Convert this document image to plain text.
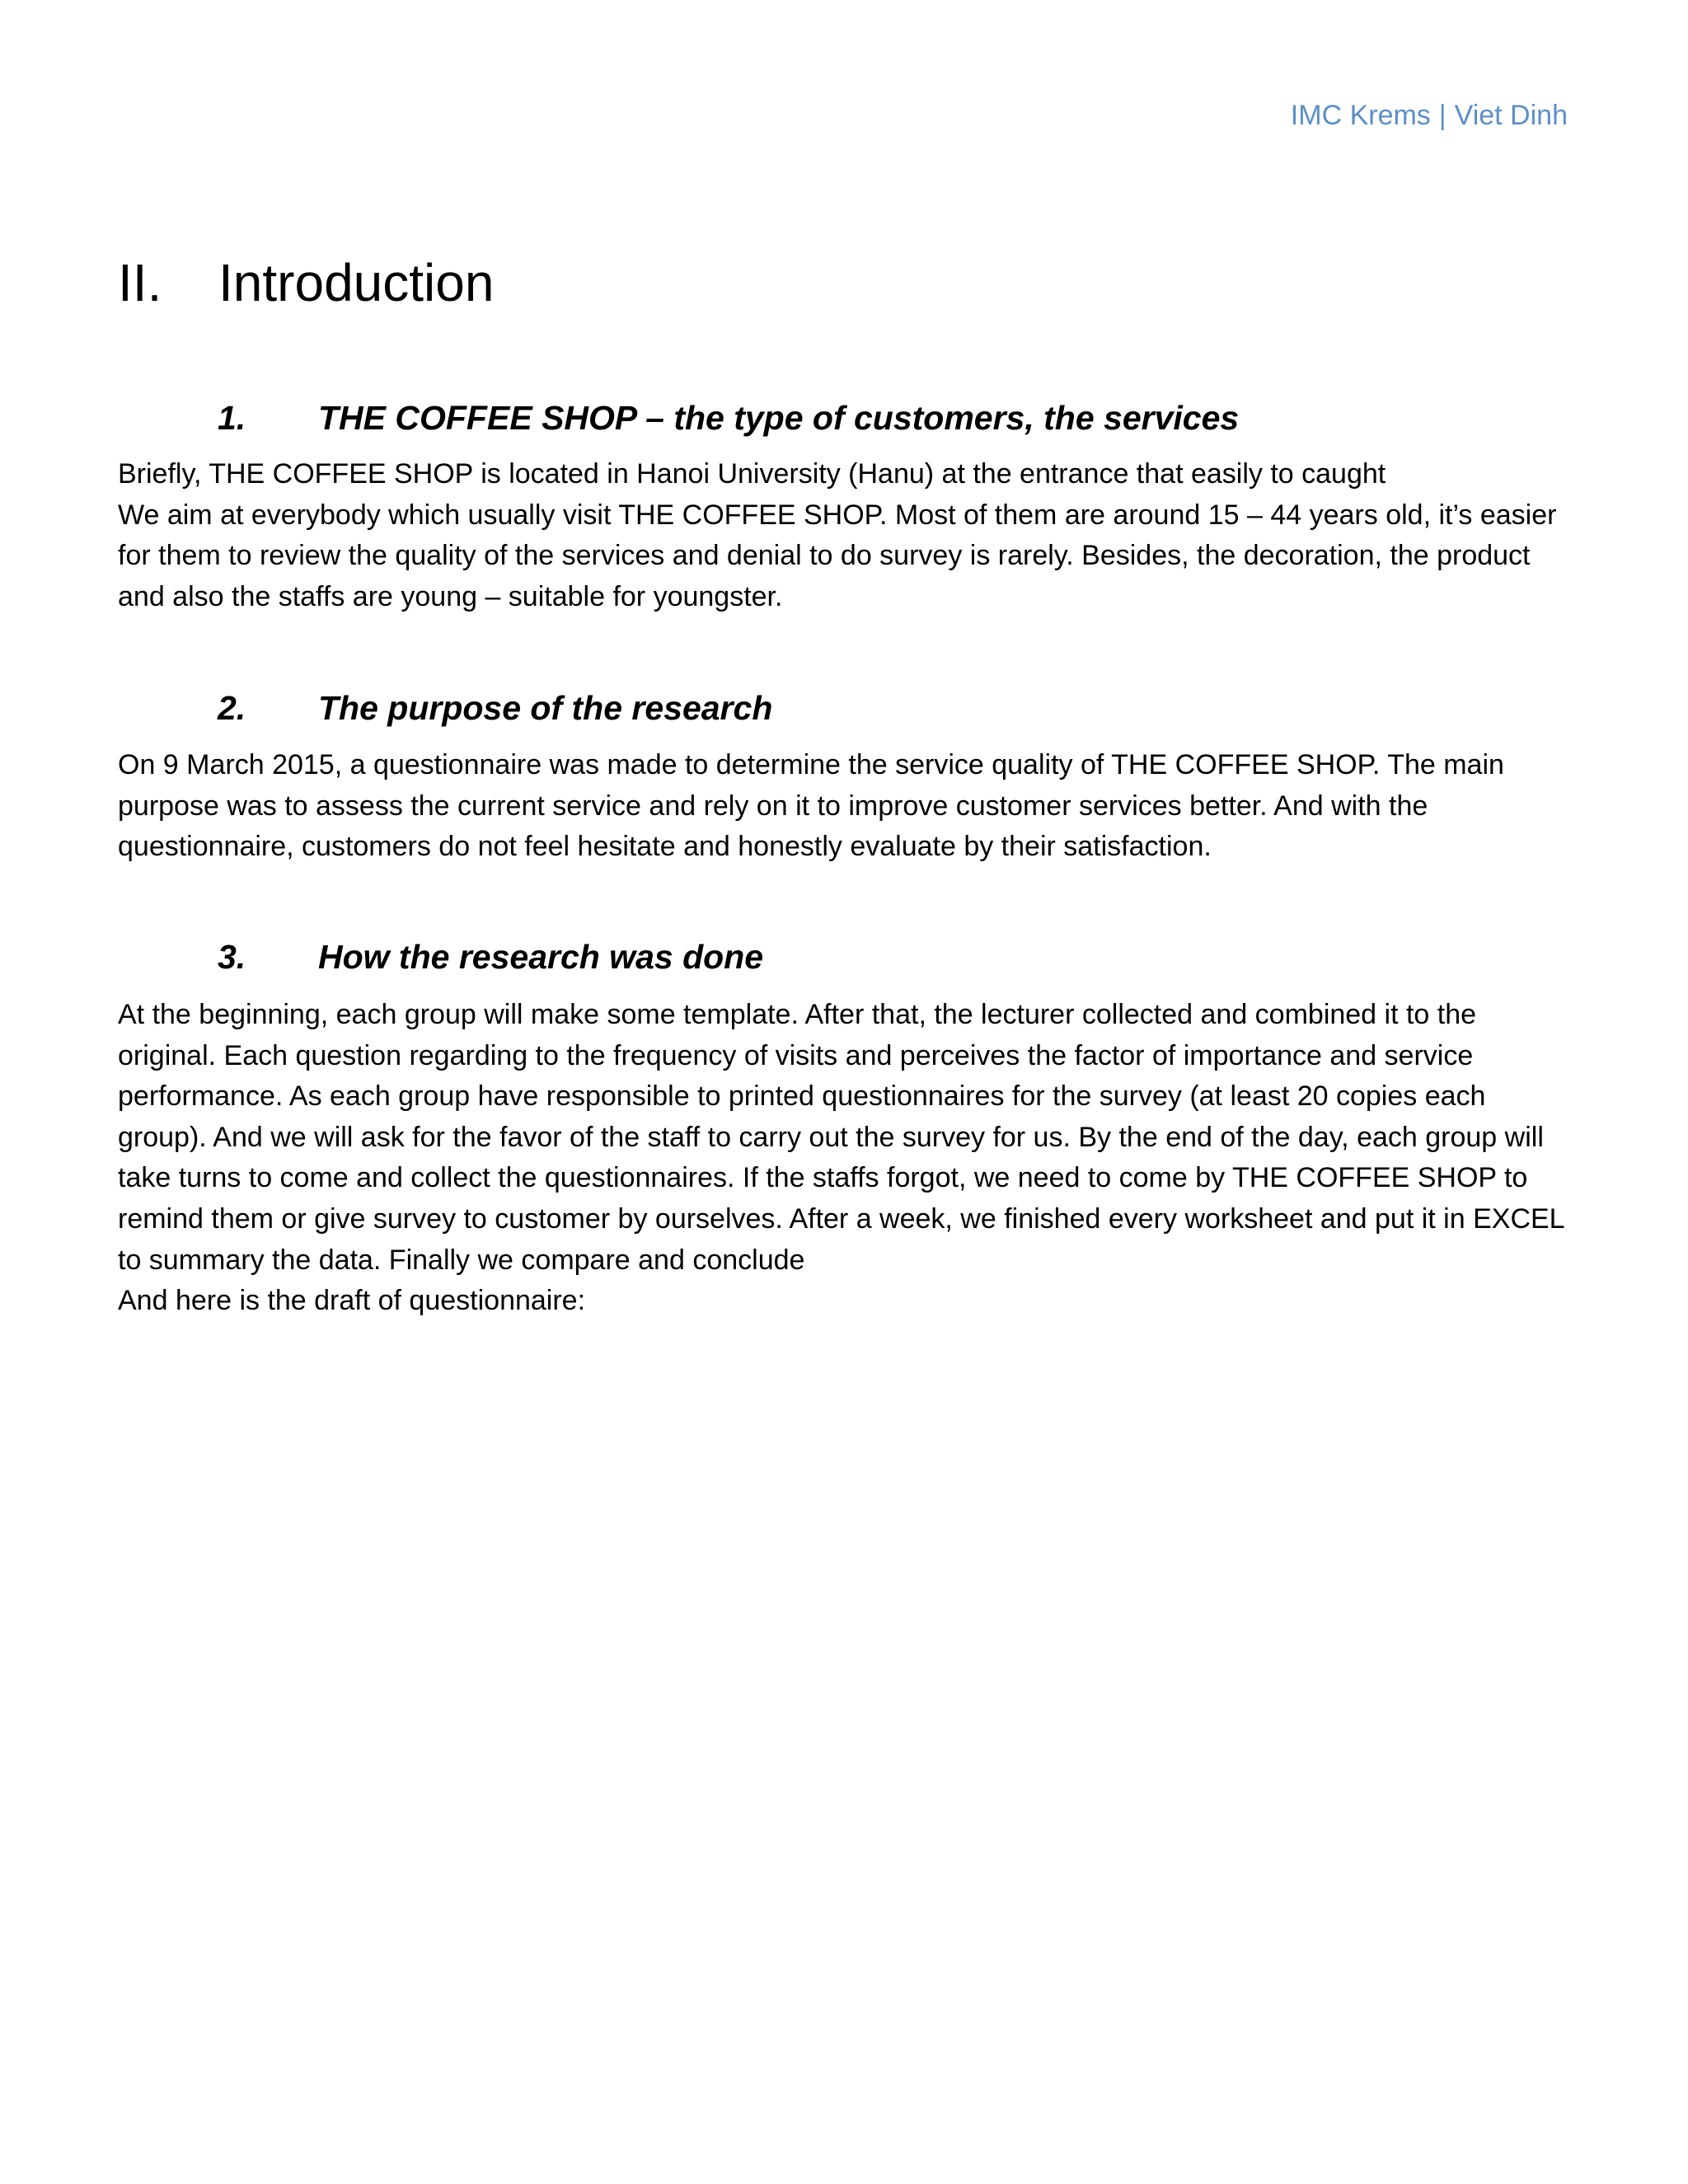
IMC Krems | Viet Dinh
II. Introduction
1. THE COFFEE SHOP – the type of customers, the services

Briefly, THE COFFEE SHOP is located in Hanoi University (Hanu) at the entrance that easily to caught

We aim at everybody which usually visit THE COFFEE SHOP. Most of them are around 15 – 44 years old, it’s easier for them to review the quality of the services and denial to do survey is rarely. Besides, the decoration, the product and also the staffs are young – suitable for youngster.

2. The purpose of the research

On 9 March 2015, a questionnaire was made to determine the service quality of THE COFFEE SHOP. The main purpose was to assess the current service and rely on it to improve customer services better. And with the questionnaire, customers do not feel hesitate and honestly evaluate by their satisfaction.

3. How the research was done

At the beginning, each group will make some template. After that, the lecturer collected and combined it to the original. Each question regarding to the frequency of visits and perceives the factor of importance and service performance. As each group have responsible to printed questionnaires for the survey (at least 20 copies each group). And we will ask for the favor of the staff to carry out the survey for us. By the end of the day, each group will take turns to come and collect the questionnaires. If the staffs forgot, we need to come by THE COFFEE SHOP to remind them or give survey to customer by ourselves. After a week, we finished every worksheet and put it in EXCEL to summary the data. Finally we compare and conclude

And here is the draft of questionnaire:
